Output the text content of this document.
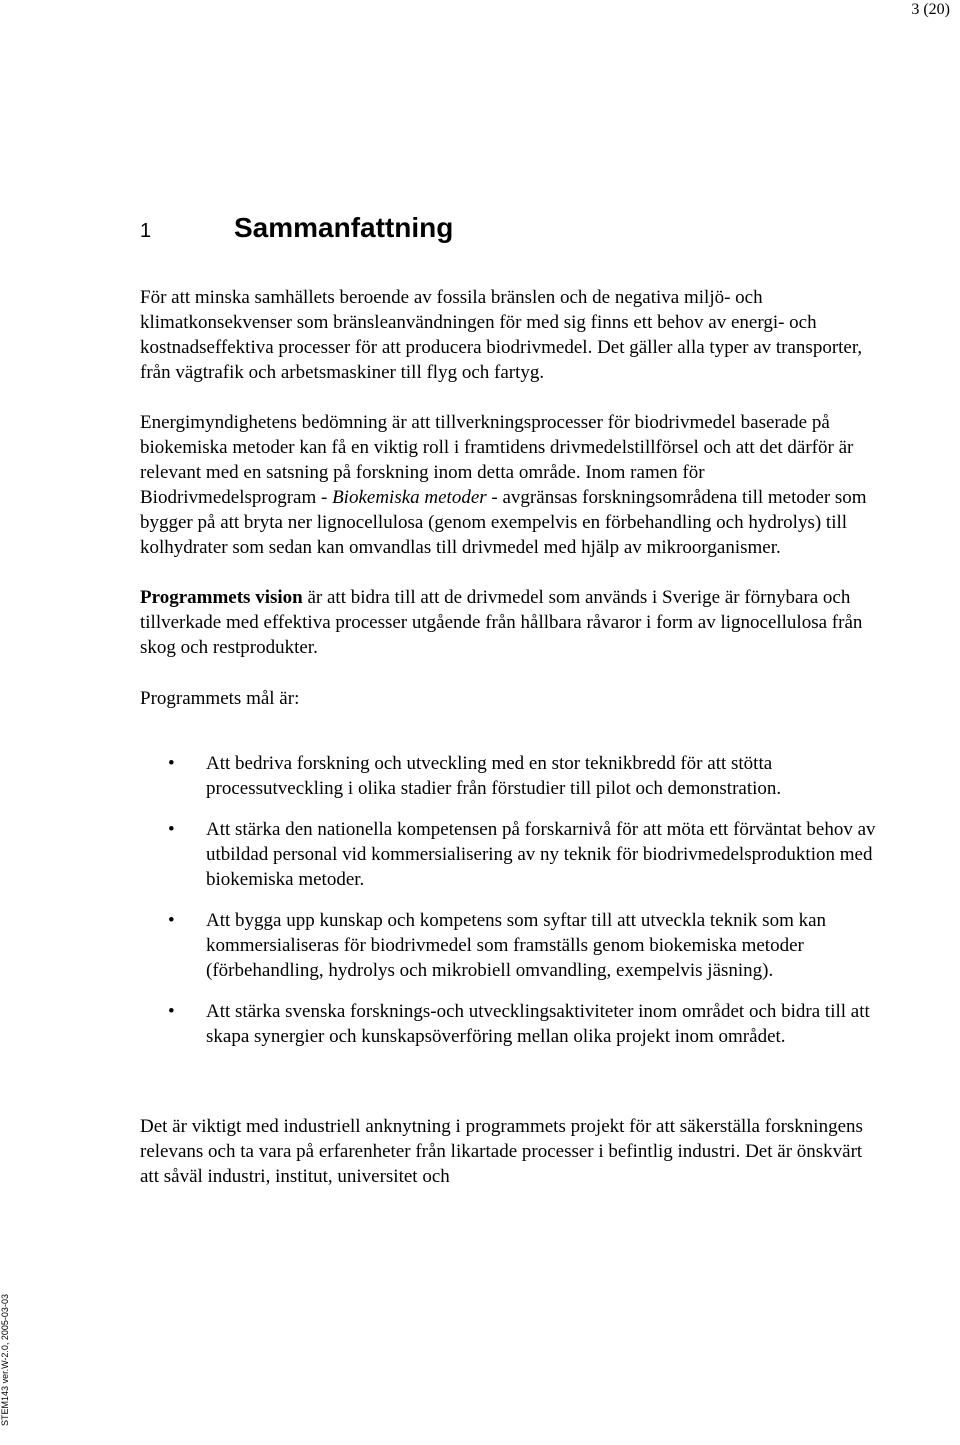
3 (20)
1	Sammanfattning

För att minska samhällets beroende av fossila bränslen och de negativa miljö- och klimatkonsekvenser som bränsleanvändningen för med sig finns ett behov av energi- och kostnadseffektiva processer för att producera biodrivmedel. Det gäller alla typer av transporter, från vägtrafik och arbetsmaskiner till flyg och fartyg.

Energimyndighetens bedömning är att tillverkningsprocesser för biodrivmedel baserade på biokemiska metoder kan få en viktig roll i framtidens drivmedelstillförsel och att det därför är relevant med en satsning på forskning inom detta område. Inom ramen för Biodrivmedelsprogram - Biokemiska metoder - avgränsas forskningsområdena till metoder som bygger på att bryta ner lignocellulosa (genom exempelvis en förbehandling och hydrolys) till kolhydrater som sedan kan omvandlas till drivmedel med hjälp av mikroorganismer.

Programmets vision är att bidra till att de drivmedel som används i Sverige är förnybara och tillverkade med effektiva processer utgående från hållbara råvaror i form av lignocellulosa från skog och restprodukter.

Programmets mål är:

• Att bedriva forskning och utveckling med en stor teknikbredd för att stötta processutveckling i olika stadier från förstudier till pilot och demonstration.
• Att stärka den nationella kompetensen på forskarnivå för att möta ett förväntat behov av utbildad personal vid kommersialisering av ny teknik för biodrivmedelsproduktion med biokemiska metoder.
• Att bygga upp kunskap och kompetens som syftar till att utveckla teknik som kan kommersialiseras för biodrivmedel som framställs genom biokemiska metoder (förbehandling, hydrolys och mikrobiell omvandling, exempelvis jäsning).
• Att stärka svenska forsknings-och utvecklingsaktiviteter inom området och bidra till att skapa synergier och kunskapsöverföring mellan olika projekt inom området.

Det är viktigt med industriell anknytning i programmets projekt för att säkerställa forskningens relevans och ta vara på erfarenheter från likartade processer i befintlig industri. Det är önskvärt att såväl industri, institut, universitet och

STEM143 ver.W-2.0, 2005-03-03
